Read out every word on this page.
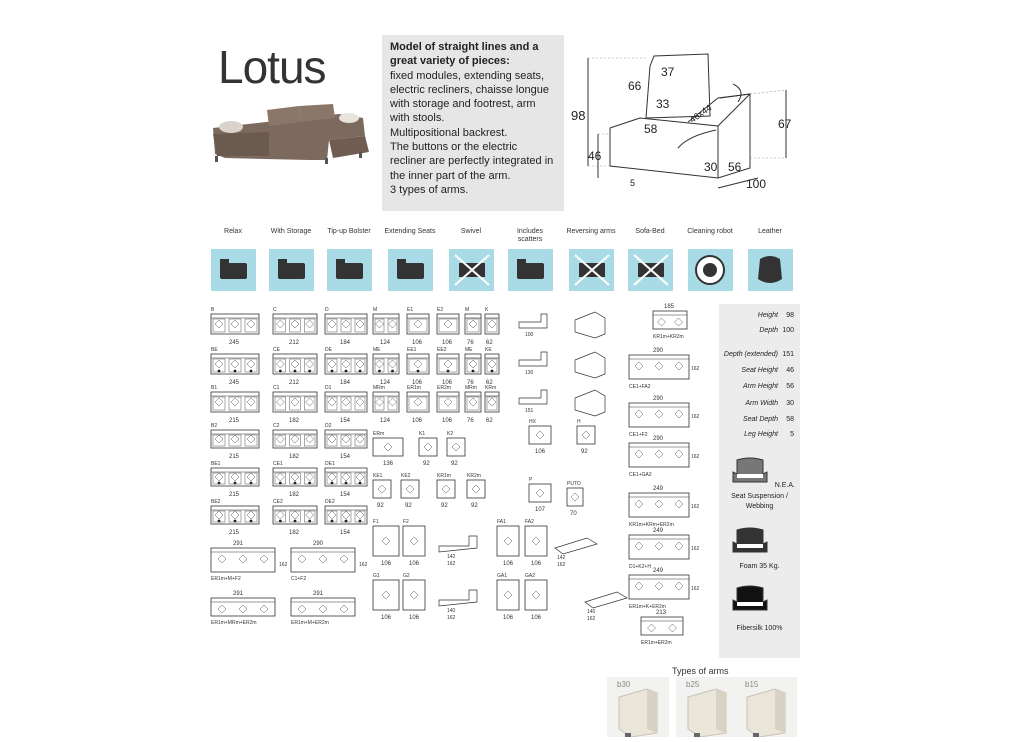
Lotus	Model of straight lines and a great variety of pieces:
fixed modules, extending seats, electric recliners, chaisse longue with storage and footrest, arm with stools.
Multipositional backrest.
The buttons or the electric recliner are perfectly integrated in the inner part of the arm.
3 types of arms.
37
66
98
33
58
46x44
46
30 56
67
100
5
Relax	With Storage	Tip-up Bolster	Extending Seats	Swivel	Includes scatters
Reversing arms	Sofa-Bed	Cleaning robot	Leather
B
245
C
212
D
184
M
124
E1
106
E2
106
M
76
K
62
BE
245
CE
212
DE
184
ME
124
EE1
106
EE2
106
ME
76
KE
62
B1
215
C1
182
D1
154
MRm
124
ER1m
106
ER2m
106
MRm
76
KRm
62
B2
215
C2
182
D2
154
BE1
215
CE1
182
DE1
154
BE2
215
CE2
182
DE2
154
ERm
136
K1
92
K2
92
KE1
92
KE2
92
KR1m
92
KR2m
92
F1
106
F2
106
FA1
106
FA2
106
G1
106
G2
106
GA1
106
GA2
106
HX
106
H
92
P
107
PUTO
70
142
162
140
162
142
162
140
162
100
130
151
291
162
ER1m+M+F2
290
162
C1+F2
291
ER1m+MRm+ER2m
291
ER1m+M+ER2m
185
KR1m+KR2m
290
162
CE1+FA2
290
162
CE1+F2
290
162
CE1+GA2
249
162
KR1m+KRm+ER2m
249
162
D1+K2+H
249
162
ER1m+K+ER2m
213
ER1m+ER2m
Height 98
Depth 100
Depth (extended) 151
Seat Height 46
Arm Height 56
Arm Width 30
Seat Depth 58
Leg Height 5
N.E.A.
Seat Suspension / Webbing
Foam 35 Kg.
Fibersilk 100%
Types of arms
b30	b25	b15
